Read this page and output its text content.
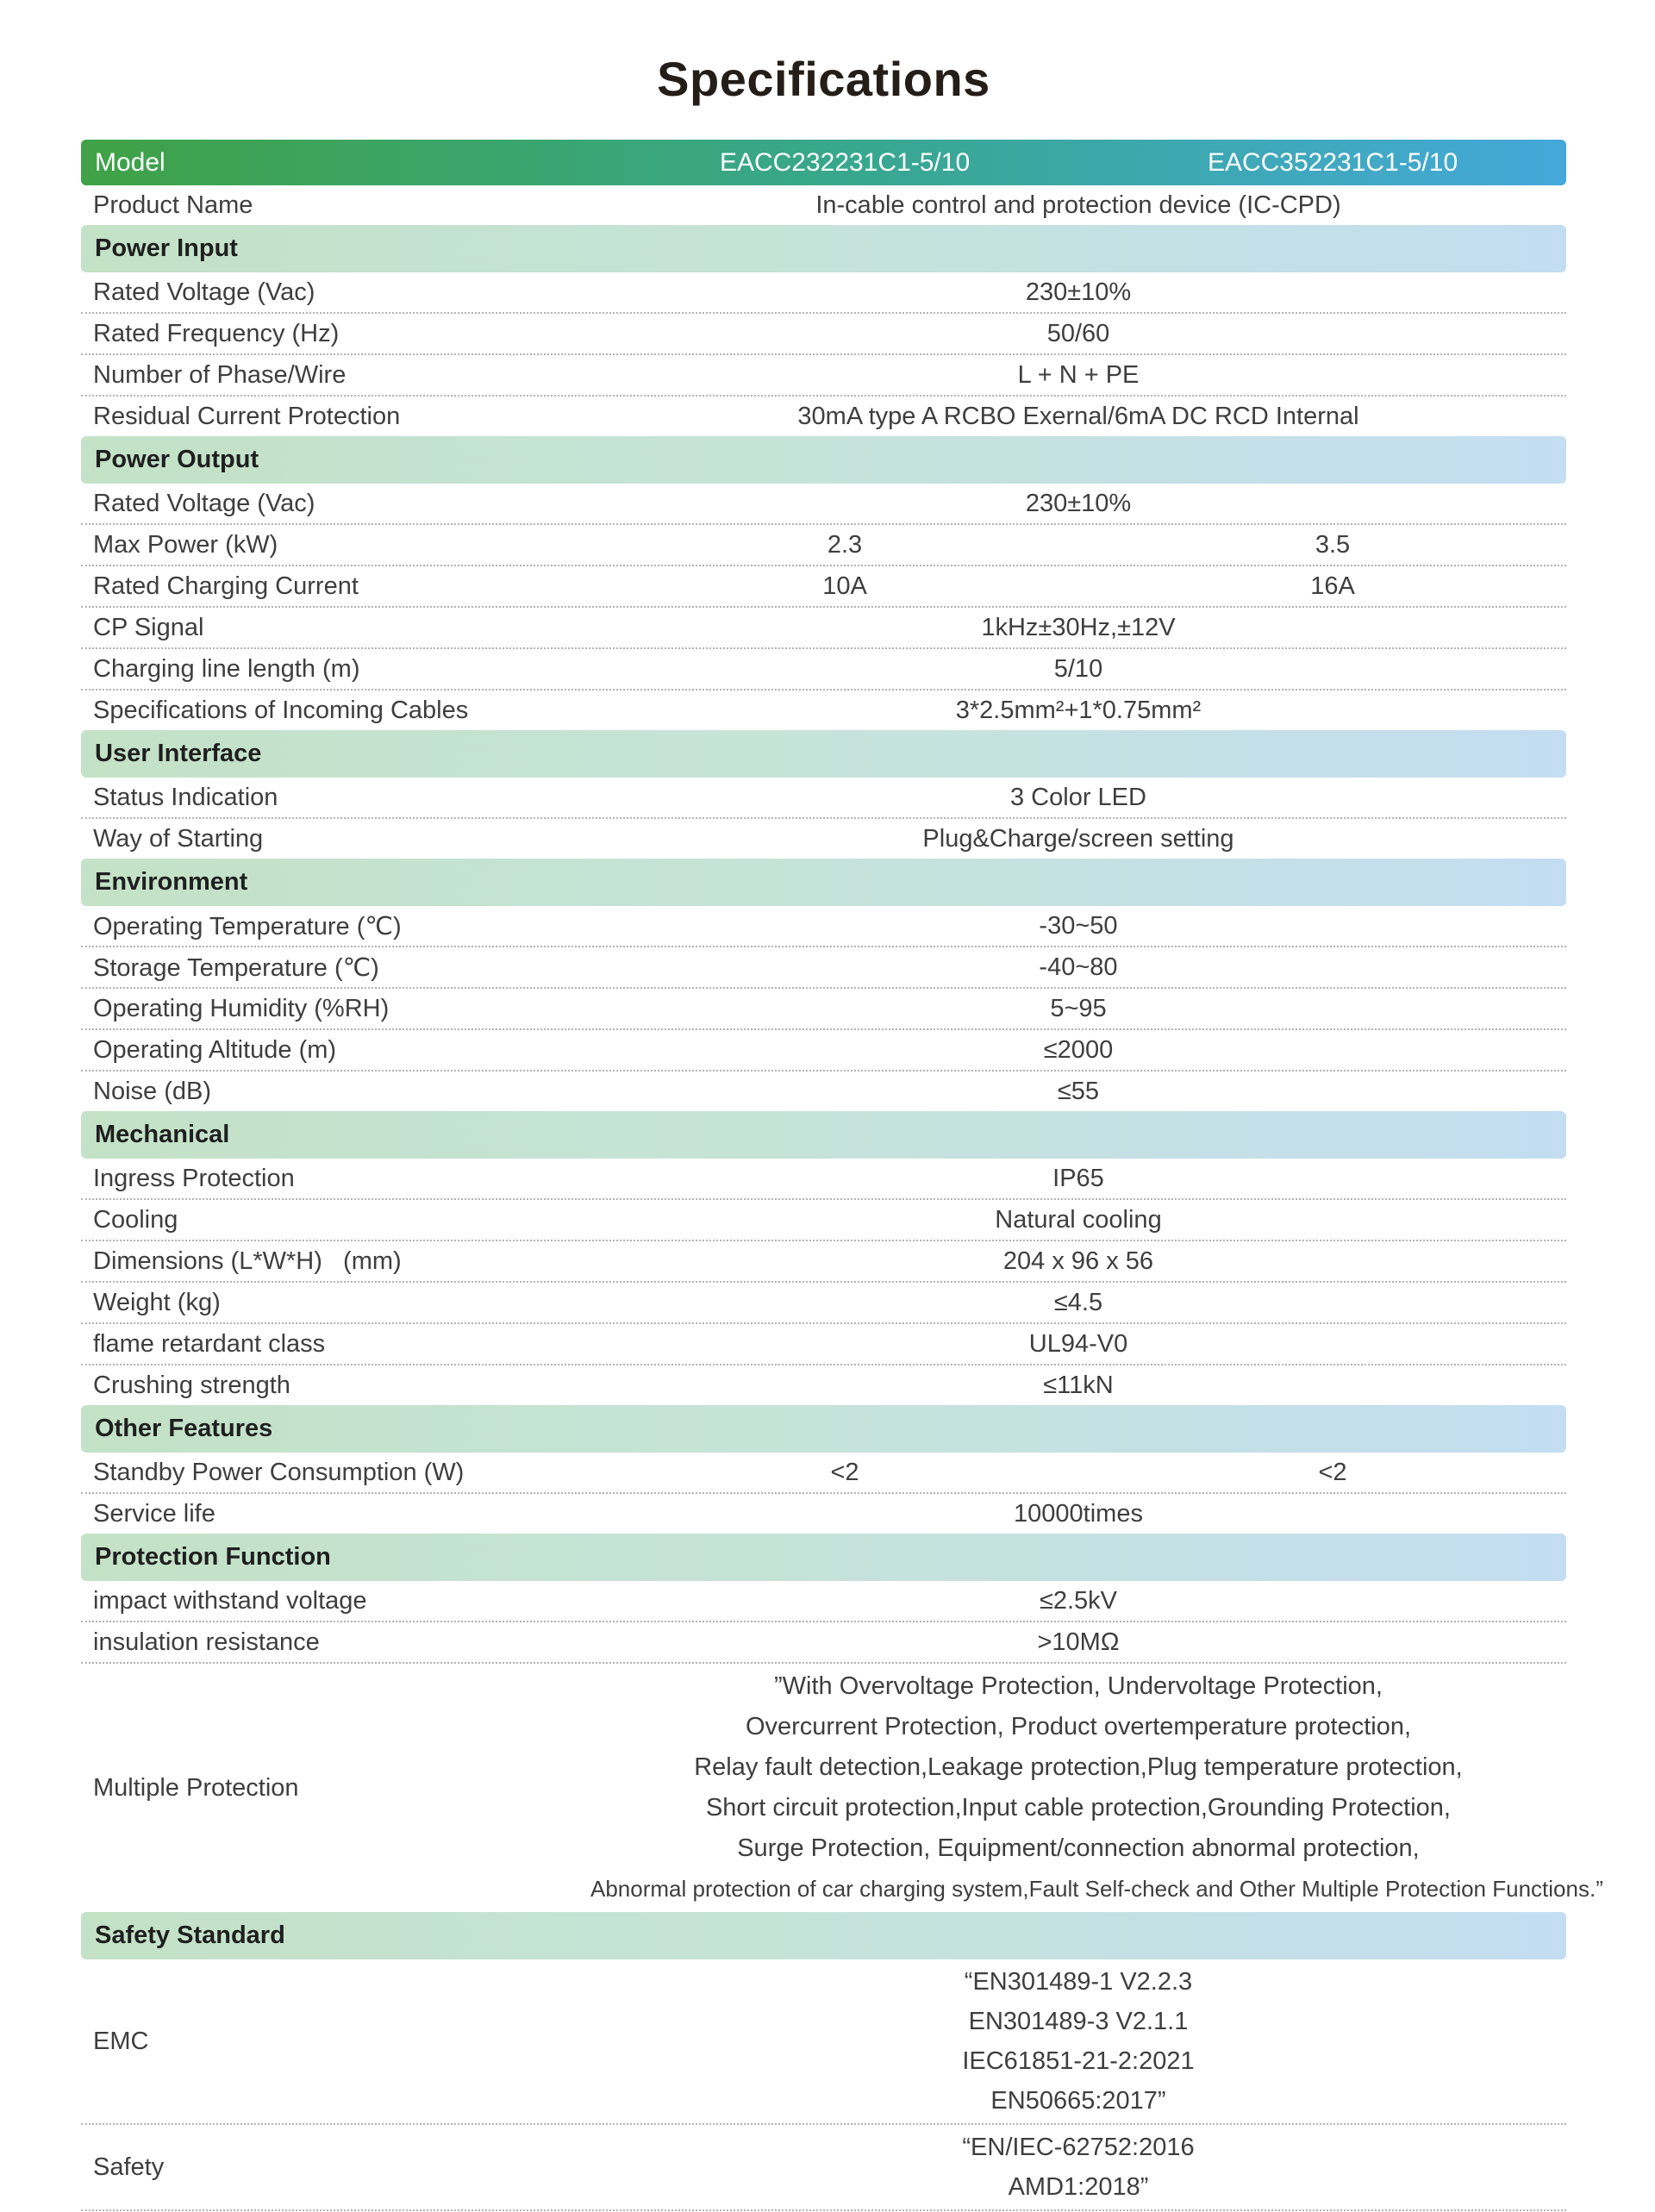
Specifications
Model	EACC232231C1-5/10	EACC352231C1-5/10
Product Name	In-cable control and protection device (IC-CPD)
Power Input
Rated Voltage (Vac)	230±10%
Rated Frequency (Hz)	50/60
Number of Phase/Wire	L + N + PE
Residual Current Protection	30mA type A RCBO Exernal/6mA DC RCD Internal
Power Output
Rated Voltage (Vac)	230±10%
Max Power (kW)	2.3	3.5
Rated Charging Current	10A	16A
CP Signal	1kHz±30Hz,±12V
Charging line length (m)	5/10
Specifications of Incoming Cables	3*2.5mm²+1*0.75mm²
User Interface
Status Indication	3 Color LED
Way of Starting	Plug&Charge/screen setting
Environment
Operating Temperature (℃)	-30~50
Storage Temperature (℃)	-40~80
Operating Humidity (%RH)	5~95
Operating Altitude (m)	≤2000
Noise (dB)	≤55
Mechanical
Ingress Protection	IP65
Cooling	Natural cooling
Dimensions (L*W*H)   (mm)	204 x 96 x 56
Weight (kg)	≤4.5
flame retardant class	UL94-V0
Crushing strength	≤11kN
Other Features
Standby Power Consumption (W)	<2	<2
Service life	10000times
Protection Function
impact withstand voltage	≤2.5kV
insulation resistance	>10MΩ
Multiple Protection
”With Overvoltage Protection, Undervoltage Protection,
Overcurrent Protection, Product overtemperature protection,
Relay fault detection,Leakage protection,Plug temperature protection,
Short circuit protection,Input cable protection,Grounding Protection,
Surge Protection, Equipment/connection abnormal protection,
Abnormal protection of car charging system,Fault Self-check and Other Multiple Protection Functions.”
Safety Standard
EMC
“EN301489-1 V2.2.3
EN301489-3 V2.1.1
IEC61851-21-2:2021
EN50665:2017”
Safety
“EN/IEC-62752:2016
AMD1:2018”
